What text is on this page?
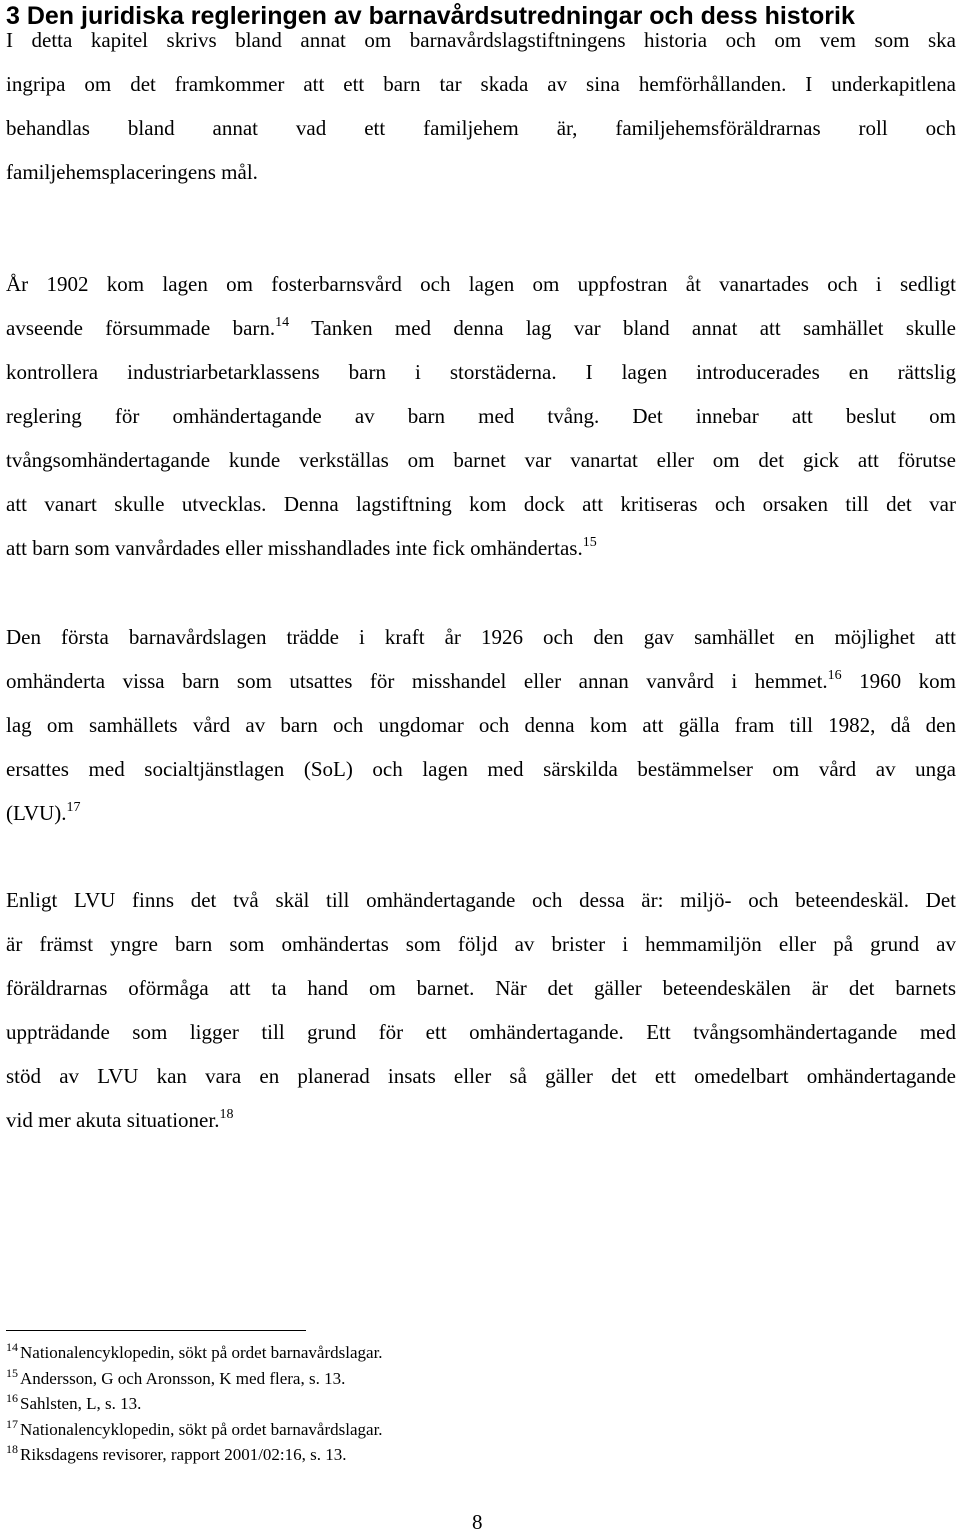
3 Den juridiska regleringen av barnavårdsutredningar och dess historik
I detta kapitel skrivs bland annat om barnavårdslagstiftningens historia och om vem som ska
ingripa om det framkommer att ett barn tar skada av sina hemförhållanden. I underkapitlena
behandlas bland annat vad ett familjehem är, familjehemsföräldrarnas roll och
familjehemsplaceringens mål.
År 1902 kom lagen om fosterbarnsvård och lagen om uppfostran åt vanartades och i sedligt
avseende försummade barn.$^{14}$ Tanken med denna lag var bland annat att samhället skulle
kontrollera industriarbetarklassens barn i storstäderna. I lagen introducerades en rättslig
reglering för omhändertagande av barn med tvång. Det innebar att beslut om
tvångsomhändertagande kunde verkställas om barnet var vanartat eller om det gick att förutse
att vanart skulle utvecklas. Denna lagstiftning kom dock att kritiseras och orsaken till det var
att barn som vanvårdades eller misshandlades inte fick omhändertas.$^{15}$
Den första barnavårdslagen trädde i kraft år 1926 och den gav samhället en möjlighet att
omhänderta vissa barn som utsattes för misshandel eller annan vanvård i hemmet.$^{16}$ 1960 kom
lag om samhällets vård av barn och ungdomar och denna kom att gälla fram till 1982, då den
ersattes med socialtjänstlagen (SoL) och lagen med särskilda bestämmelser om vård av unga
(LVU).$^{17}$
Enligt LVU finns det två skäl till omhändertagande och dessa är: miljö- och beteendeskäl. Det
är främst yngre barn som omhändertas som följd av brister i hemmamiljön eller på grund av
föräldrarnas oförmåga att ta hand om barnet. När det gäller beteendeskälen är det barnets
uppträdande som ligger till grund för ett omhändertagande. Ett tvångsomhändertagande med
stöd av LVU kan vara en planerad insats eller så gäller det ett omedelbart omhändertagande
vid mer akuta situationer.$^{18}$
$^{14}$ Nationalencyklopedin, sökt på ordet barnavårdslagar.
$^{15}$ Andersson, G och Aronsson, K med flera, s. 13.
$^{16}$ Sahlsten, L, s. 13.
$^{17}$ Nationalencyklopedin, sökt på ordet barnavårdslagar.
$^{18}$ Riksdagens revisorer, rapport 2001/02:16, s. 13.
8
